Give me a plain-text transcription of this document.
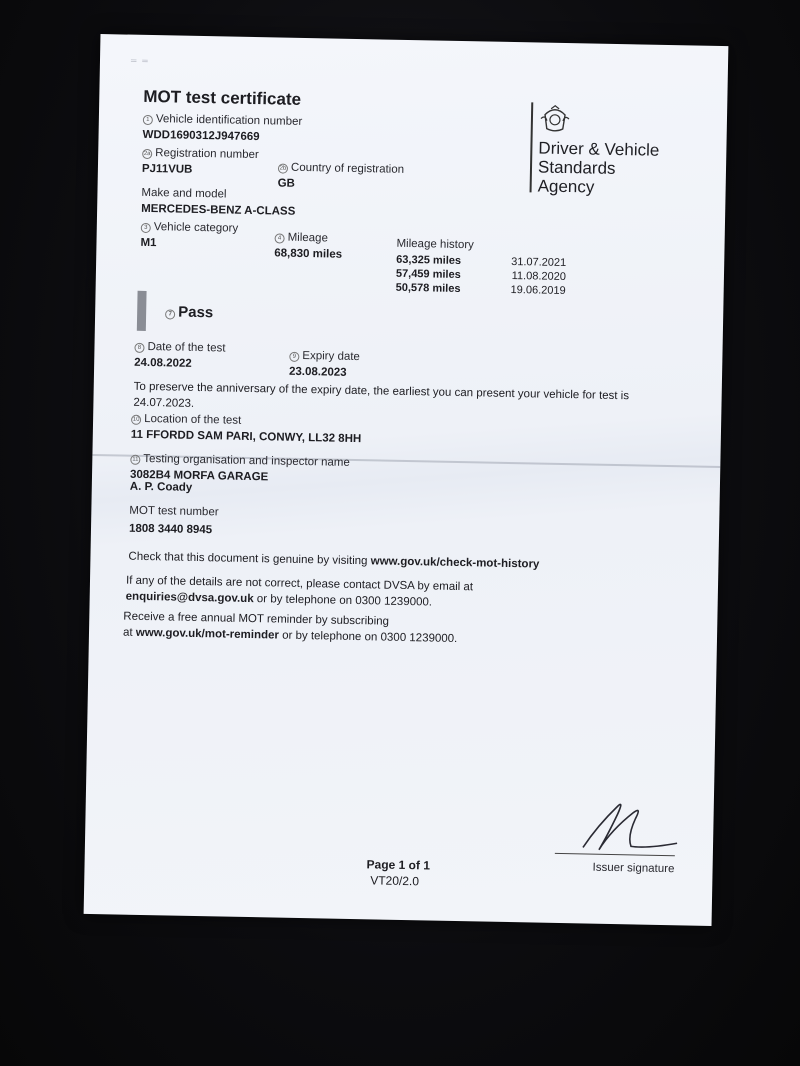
⁼ ⁼
MOT test certificate
1 Vehicle identification number
WDD1690312J947669
2a Registration number
PJ11VUB	2b Country of registration
GB
Make and model
MERCEDES-BENZ A-CLASS
3 Vehicle category
M1	4 Mileage
68,830 miles
Mileage history
63,325 miles	31.07.2021
57,459 miles	11.08.2020
50,578 miles	19.06.2019
Driver & Vehicle
Standards
Agency
7 Pass
8 Date of the test
24.08.2022	9 Expiry date
23.08.2023
To preserve the anniversary of the expiry date, the earliest you can present your vehicle for test is 24.07.2023.
10 Location of the test
11 FFORDD SAM PARI, CONWY, LL32 8HH
11 Testing organisation and inspector name
3082B4 MORFA GARAGE
A. P. Coady
MOT test number
1808 3440 8945
Check that this document is genuine by visiting www.gov.uk/check-mot-history
If any of the details are not correct, please contact DVSA by email at
enquiries@dvsa.gov.uk or by telephone on 0300 1239000.
Receive a free annual MOT reminder by subscribing
at www.gov.uk/mot-reminder or by telephone on 0300 1239000.
Issuer signature
Page 1 of 1
VT20/2.0
